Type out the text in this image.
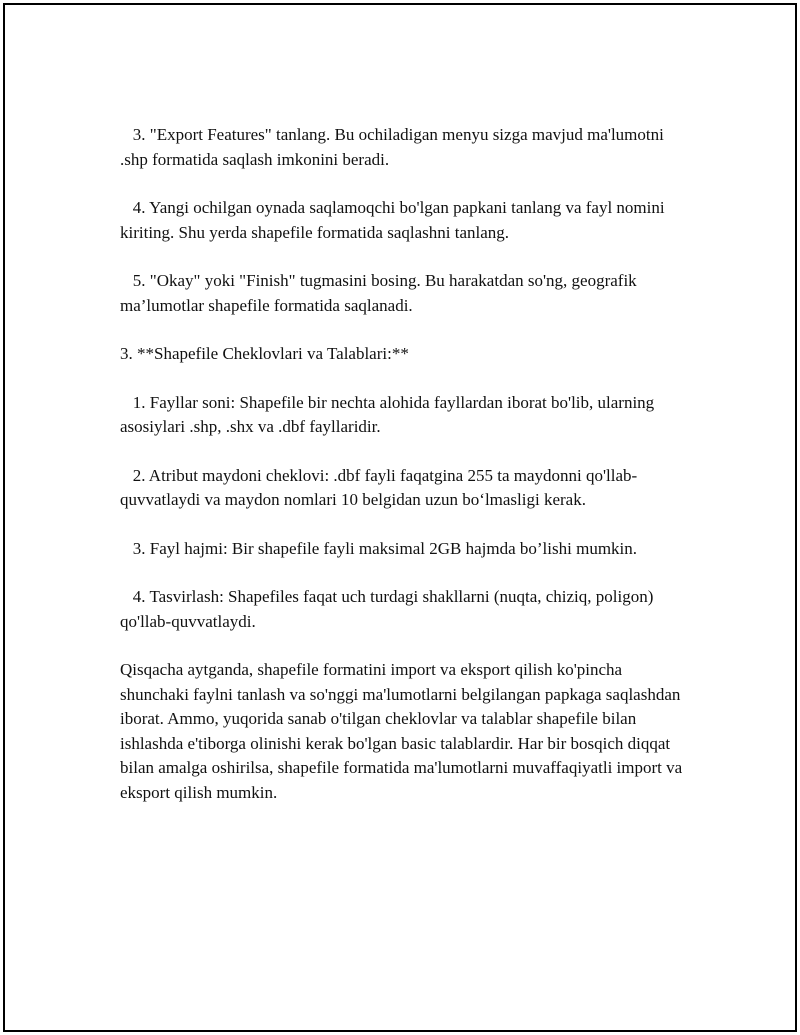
3. "Export Features" tanlang. Bu ochiladigan menyu sizga mavjud ma'lumotni .shp formatida saqlash imkonini beradi.

4. Yangi ochilgan oynada saqlamoqchi bo'lgan papkani tanlang va fayl nomini kiriting. Shu yerda shapefile formatida saqlashni tanlang.

5. "Okay" yoki "Finish" tugmasini bosing. Bu harakatdan so'ng, geografik ma’lumotlar shapefile formatida saqlanadi.

3. **Shapefile Cheklovlari va Talablari:**

1. Fayllar soni: Shapefile bir nechta alohida fayllardan iborat bo'lib, ularning asosiylari .shp, .shx va .dbf fayllaridir.

2. Atribut maydoni cheklovi: .dbf fayli faqatgina 255 ta maydonni qo'llab-quvvatlaydi va maydon nomlari 10 belgidan uzun bo‘lmasligi kerak.

3. Fayl hajmi: Bir shapefile fayli maksimal 2GB hajmda bo’lishi mumkin.

4. Tasvirlash: Shapefiles faqat uch turdagi shakllarni (nuqta, chiziq, poligon) qo'llab-quvvatlaydi.

Qisqacha aytganda, shapefile formatini import va eksport qilish ko'pincha shunchaki faylni tanlash va so'nggi ma'lumotlarni belgilangan papkaga saqlashdan iborat. Ammo, yuqorida sanab o'tilgan cheklovlar va talablar shapefile bilan ishlashda e'tiborga olinishi kerak bo'lgan basic talablardir. Har bir bosqich diqqat bilan amalga oshirilsa, shapefile formatida ma'lumotlarni muvaffaqiyatli import va eksport qilish mumkin.
